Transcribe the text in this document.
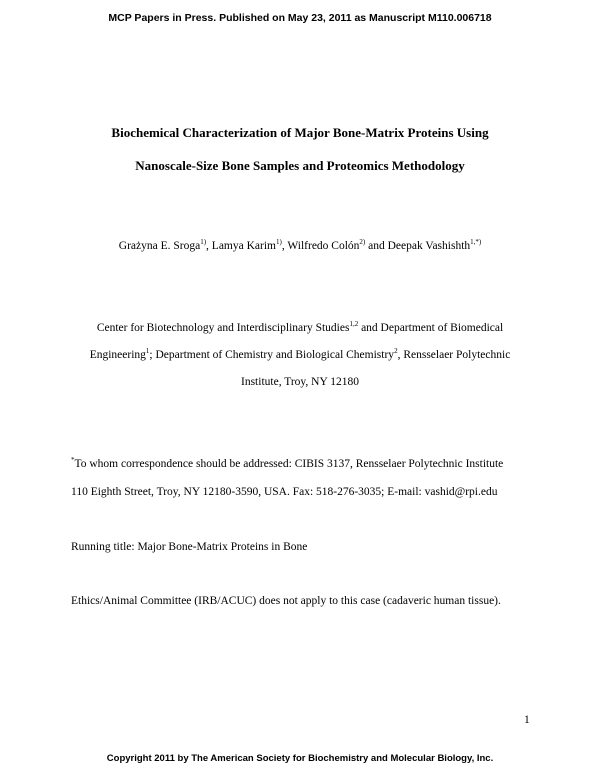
MCP Papers in Press. Published on May 23, 2011 as Manuscript M110.006718
Biochemical Characterization of Major Bone-Matrix Proteins Using
Nanoscale-Size Bone Samples and Proteomics Methodology
Grażyna E. Sroga$^{1)}$, Lamya Karim$^{1)}$, Wilfredo Colón$^{2)}$ and Deepak Vashishth$^{1,*)}$
Center for Biotechnology and Interdisciplinary Studies$^{1,2}$ and Department of Biomedical
Engineering$^1$; Department of Chemistry and Biological Chemistry$^2$, Rensselaer Polytechnic
Institute, Troy, NY 12180
*To whom correspondence should be addressed: CIBIS 3137, Rensselaer Polytechnic Institute
110 Eighth Street, Troy, NY 12180-3590, USA. Fax: 518-276-3035; E-mail: vashid@rpi.edu
Running title: Major Bone-Matrix Proteins in Bone
Ethics/Animal Committee (IRB/ACUC) does not apply to this case (cadaveric human tissue).
1
Copyright 2011 by The American Society for Biochemistry and Molecular Biology, Inc.
